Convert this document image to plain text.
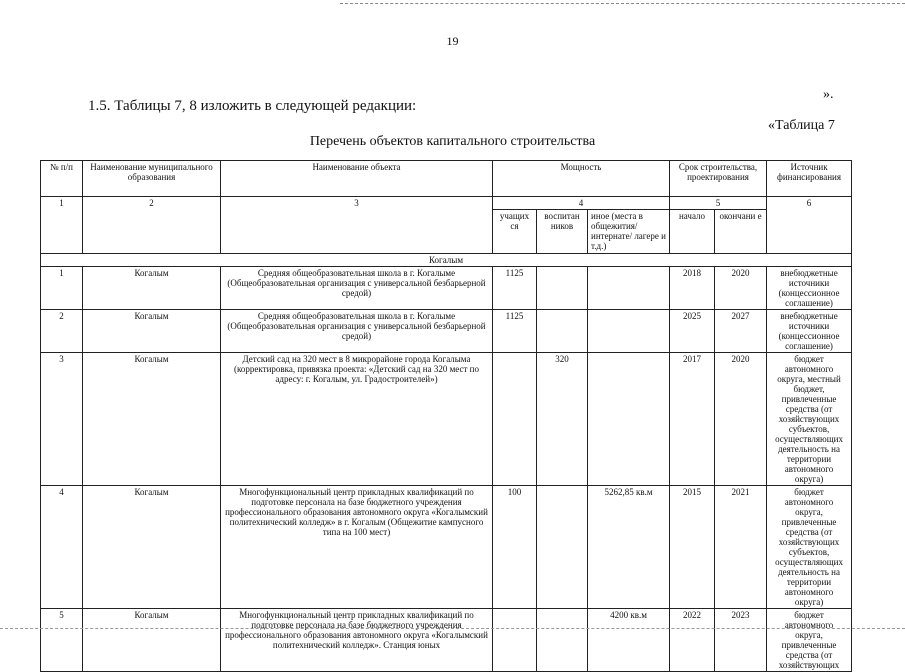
19
».
1.5. Таблицы 7, 8 изложить в следующей редакции:
«Таблица 7
Перечень объектов капитального строительства
№ п/п	Наименование муниципального образования	Наименование объекта	Мощность			Срок строительства, проектирования		Источник финансирования
1	2	3	4			5		6
			учащих ся	воспитан ников	иное (места в общежития/ интернате/ лагере и т.д.)	начало	окончани е	
Когалым								
1	Когалым	Средняя общеобразовательная школа в г. Когалыме (Общеобразовательная организация с универсальной безбарьерной средой)	1125			2018	2020	внебюджетные источники (концессионное соглашение)
2	Когалым	Средняя общеобразовательная школа в г. Когалыме (Общеобразовательная организация с универсальной безбарьерной средой)	1125			2025	2027	внебюджетные источники (концессионное соглашение)
3	Когалым	Детский сад на 320 мест в 8 микрорайоне города Когалыма (корректировка, привязка проекта: «Детский сад на 320 мест по адресу: г. Когалым, ул. Градостроителей»)		320		2017	2020	бюджет автономного округа, местный бюджет, привлеченные средства (от хозяйствующих субъектов, осуществляющих деятельность на территории автономного округа)
4	Когалым	Многофункциональный центр прикладных квалификаций по подготовке персонала на базе бюджетного учреждения профессионального образования автономного округа «Когалымский политехнический колледж» в г. Когалым (Общежитие кампусного типа на 100 мест)	100		5262,85 кв.м	2015	2021	бюджет автономного округа, привлеченные средства (от хозяйствующих субъектов, осуществляющих деятельность на территории автономного округа)
5	Когалым	Многофункциональный центр прикладных квалификаций по подготовке персонала на базе бюджетного учреждения профессионального образования автономного округа «Когалымский политехнический колледж». Станция юных			4200 кв.м	2022	2023	бюджет автономного округа, привлеченные средства (от хозяйствующих
